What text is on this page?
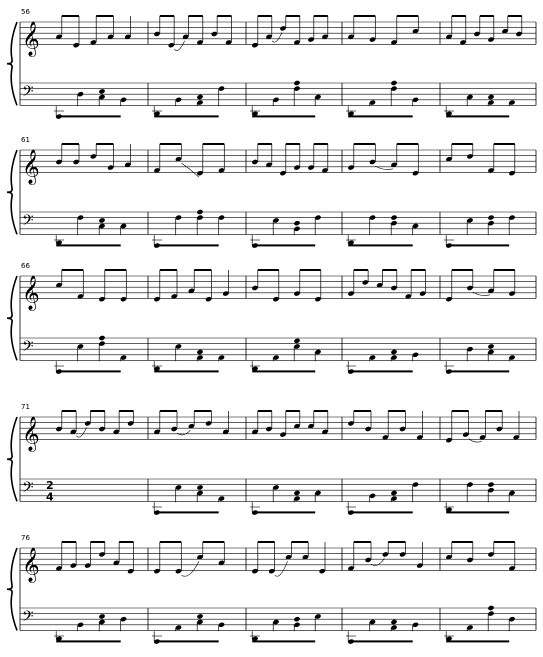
56
𝄞
𝄢
61
𝄞
𝄢
66
𝄞
𝄢
71
𝄞
𝄢 2
4
76
𝄞
𝄢
